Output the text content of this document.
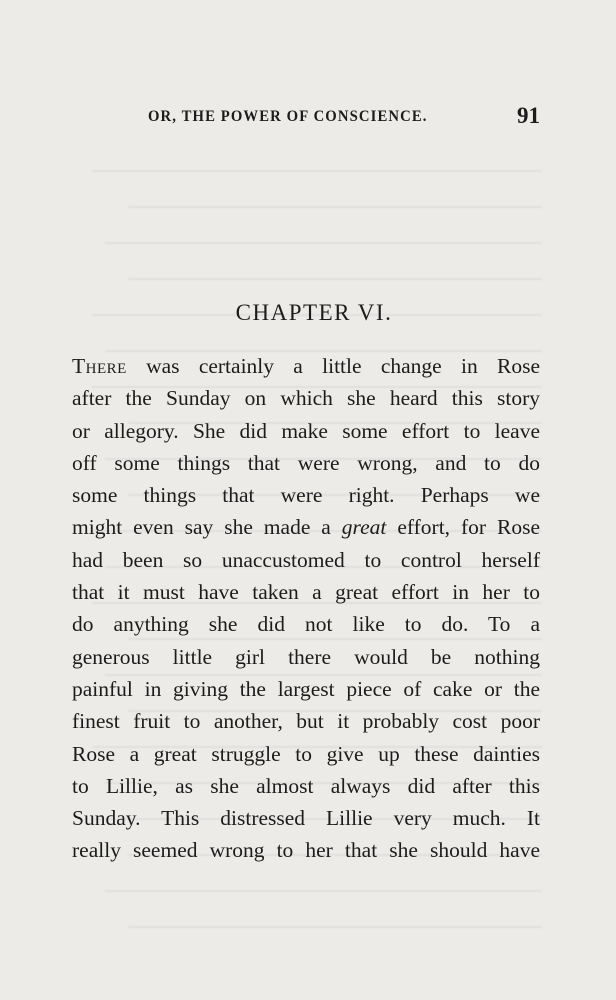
OR, THE POWER OF CONSCIENCE.	91
CHAPTER VI.
There was certainly a little change in Rose
after the Sunday on which she heard this story
or allegory. She did make some effort to leave
off some things that were wrong, and to do
some things that were right. Perhaps we
might even say she made a great effort, for Rose
had been so unaccustomed to control herself
that it must have taken a great effort in her to
do anything she did not like to do. To a
generous little girl there would be nothing
painful in giving the largest piece of cake or the
finest fruit to another, but it probably cost poor
Rose a great struggle to give up these dainties
to Lillie, as she almost always did after this
Sunday. This distressed Lillie very much. It
really seemed wrong to her that she should have
